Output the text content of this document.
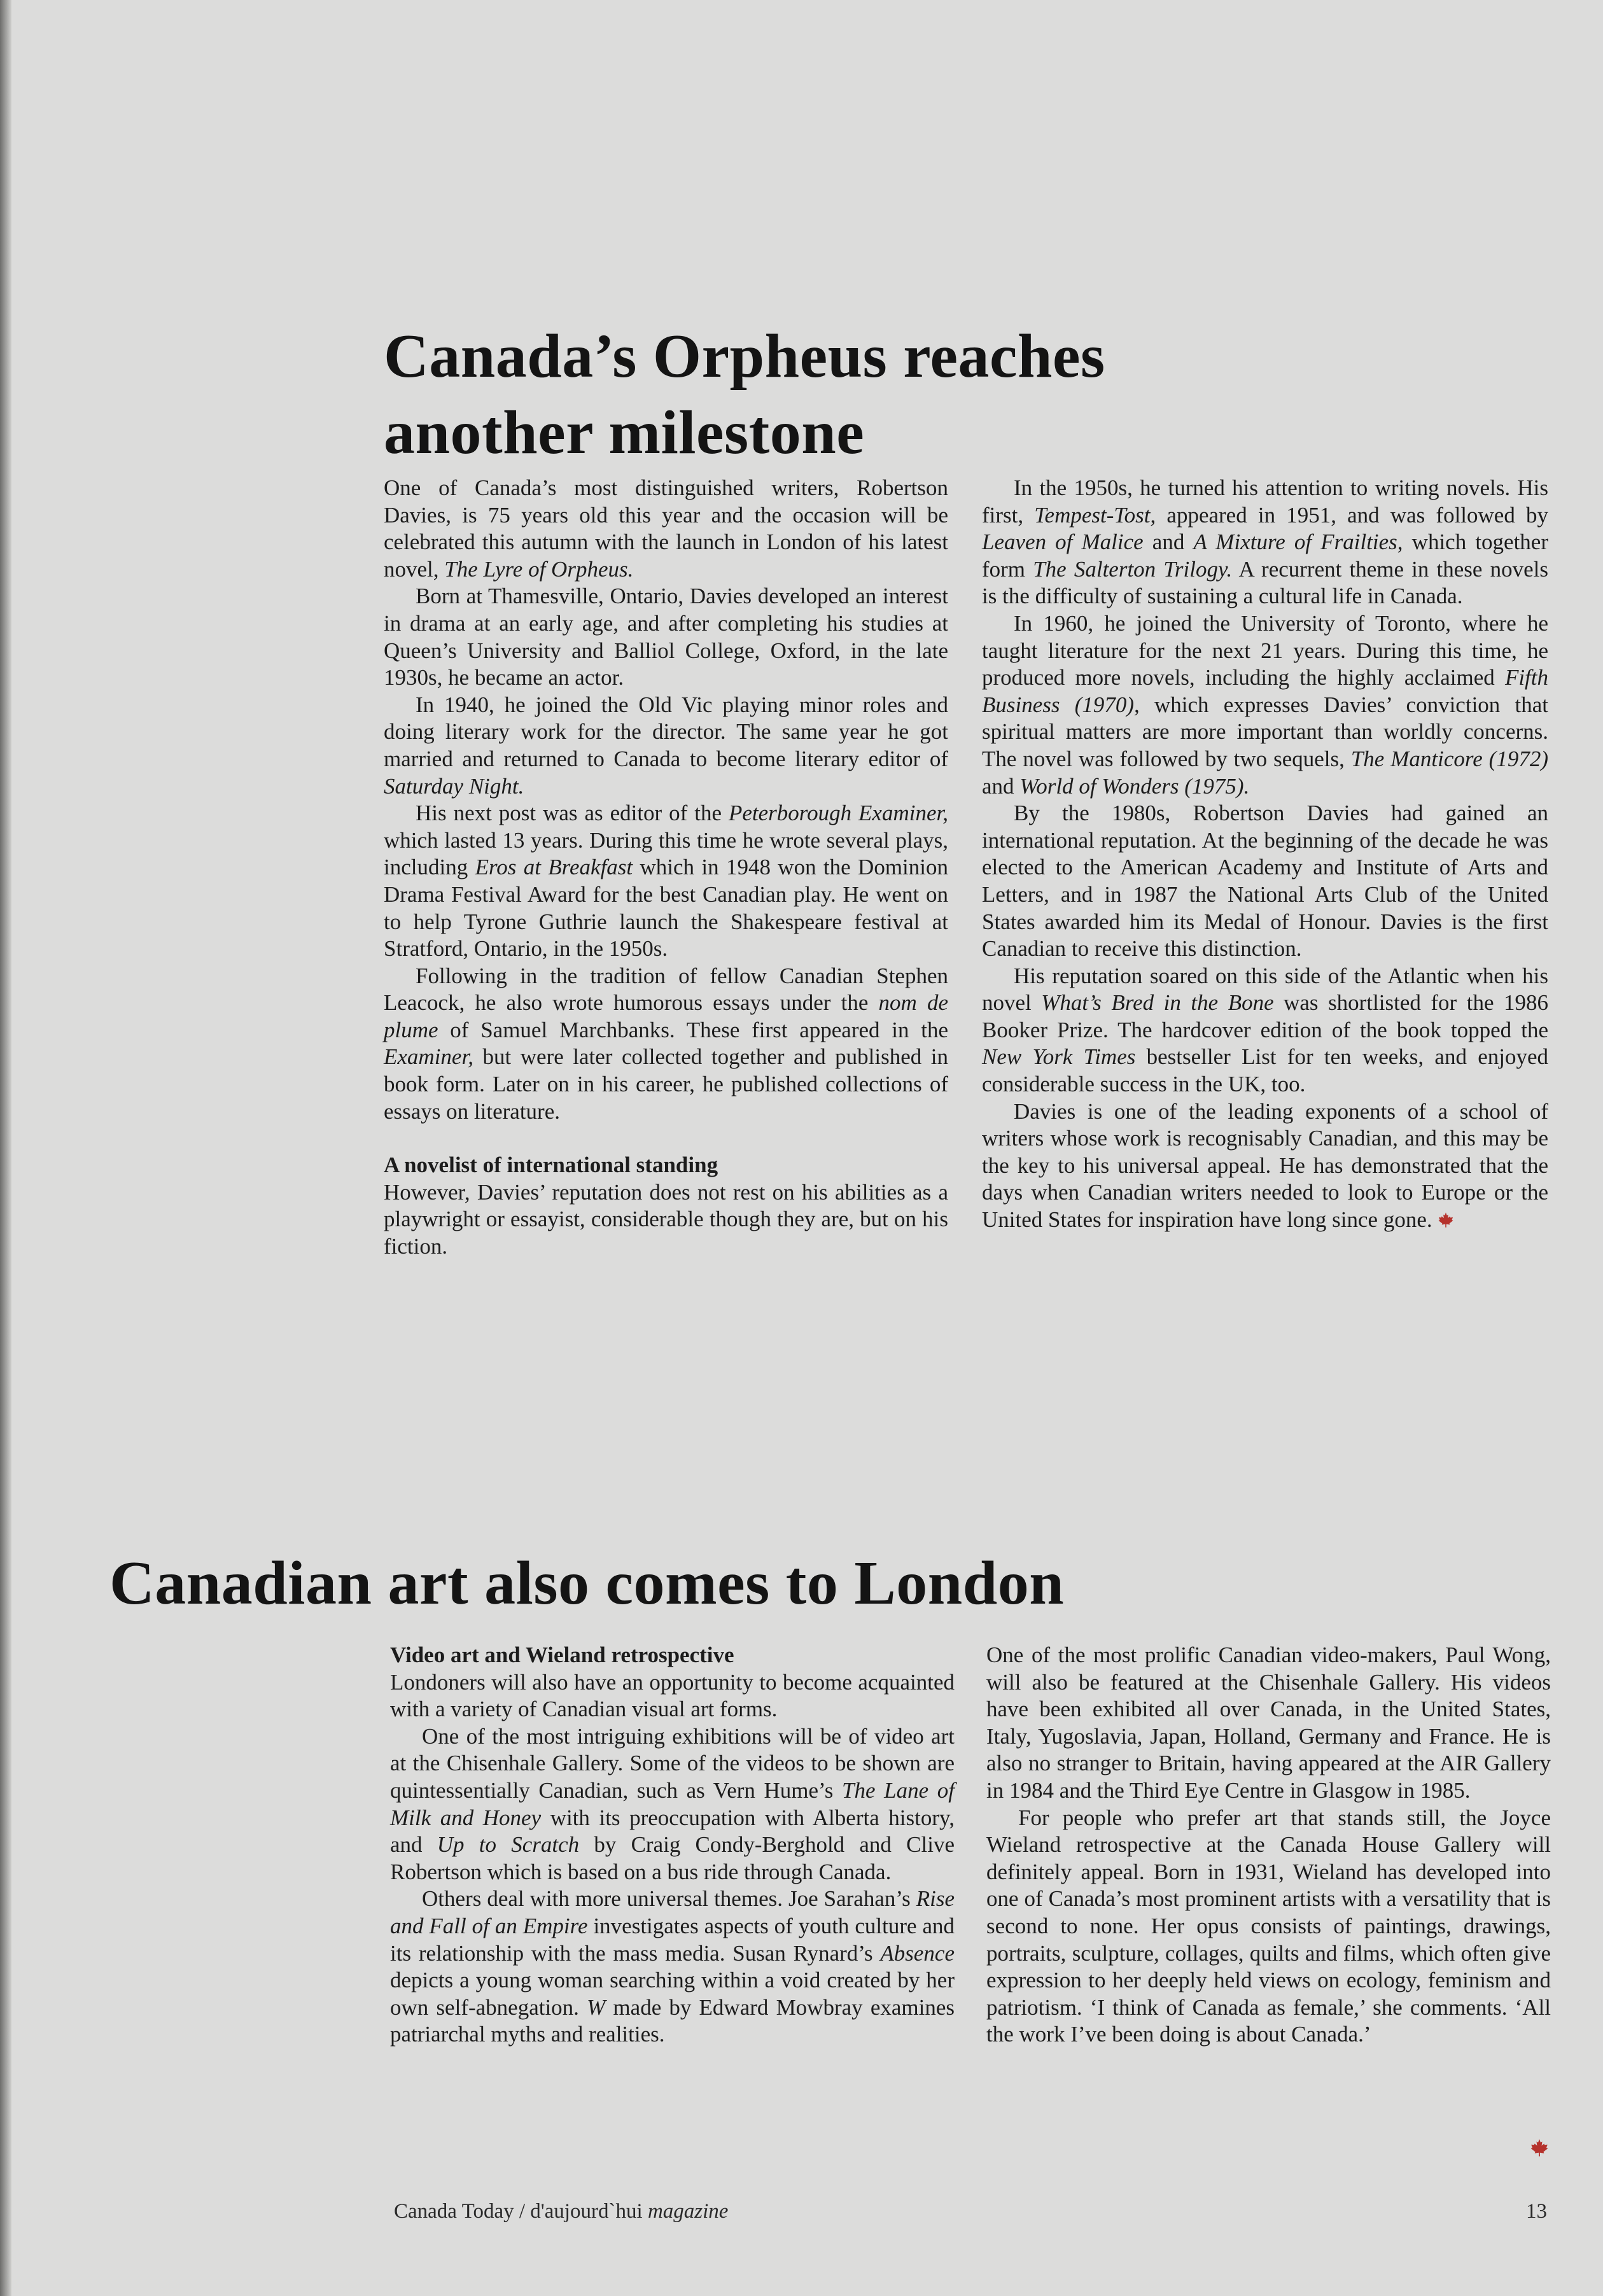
Canada’s Orpheus reaches
another milestone

One of Canada’s most distinguished writers, Robertson Davies, is 75 years old this year and the occasion will be celebrated this autumn with the launch in London of his latest novel, The Lyre of Orpheus.

Born at Thamesville, Ontario, Davies developed an interest in drama at an early age, and after completing his studies at Queen’s University and Balliol College, Oxford, in the late 1930s, he became an actor.

In 1940, he joined the Old Vic playing minor roles and doing literary work for the director. The same year he got married and returned to Canada to become literary editor of Saturday Night.

His next post was as editor of the Peterborough Examiner, which lasted 13 years. During this time he wrote several plays, including Eros at Breakfast which in 1948 won the Dominion Drama Festival Award for the best Canadian play. He went on to help Tyrone Guthrie launch the Shakespeare festival at Stratford, Ontario, in the 1950s.

Following in the tradition of fellow Canadian Stephen Leacock, he also wrote humorous essays under the nom de plume of Samuel Marchbanks. These first appeared in the Examiner, but were later collected together and published in book form. Later on in his career, he published collections of essays on literature.

A novelist of international standing

However, Davies’ reputation does not rest on his abilities as a playwright or essayist, considerable though they are, but on his fiction.

In the 1950s, he turned his attention to writing novels. His first, Tempest-Tost, appeared in 1951, and was followed by Leaven of Malice and A Mixture of Frailties, which together form The Salterton Trilogy. A recurrent theme in these novels is the difficulty of sustaining a cultural life in Canada.

In 1960, he joined the University of Toronto, where he taught literature for the next 21 years. During this time, he produced more novels, including the highly acclaimed Fifth Business (1970), which expresses Davies’ conviction that spiritual matters are more important than worldly concerns. The novel was followed by two sequels, The Manticore (1972) and World of Wonders (1975).

By the 1980s, Robertson Davies had gained an international reputation. At the beginning of the decade he was elected to the American Academy and Institute of Arts and Letters, and in 1987 the National Arts Club of the United States awarded him its Medal of Honour. Davies is the first Canadian to receive this distinction.

His reputation soared on this side of the Atlantic when his novel What’s Bred in the Bone was shortlisted for the 1986 Booker Prize. The hardcover edition of the book topped the New York Times bestseller List for ten weeks, and enjoyed considerable success in the UK, too.

Davies is one of the leading exponents of a school of writers whose work is recognisably Canadian, and this may be the key to his universal appeal. He has demonstrated that the days when Canadian writers needed to look to Europe or the United States for inspiration have long since gone.

Canadian art also comes to London
Video art and Wieland retrospective

Londoners will also have an opportunity to become acquainted with a variety of Canadian visual art forms.

One of the most intriguing exhibitions will be of video art at the Chisenhale Gallery. Some of the videos to be shown are quintessentially Canadian, such as Vern Hume’s The Lane of Milk and Honey with its preoccupation with Alberta history, and Up to Scratch by Craig Condy-Berghold and Clive Robertson which is based on a bus ride through Canada.

Others deal with more universal themes. Joe Sarahan’s Rise and Fall of an Empire investigates aspects of youth culture and its relationship with the mass media. Susan Rynard’s Absence depicts a young woman searching within a void created by her own self-abnegation. W made by Edward Mowbray examines patriarchal myths and realities.

One of the most prolific Canadian video-makers, Paul Wong, will also be featured at the Chisenhale Gallery. His videos have been exhibited all over Canada, in the United States, Italy, Yugoslavia, Japan, Holland, Germany and France. He is also no stranger to Britain, having appeared at the AIR Gallery in 1984 and the Third Eye Centre in Glasgow in 1985.

For people who prefer art that stands still, the Joyce Wieland retrospective at the Canada House Gallery will definitely appeal. Born in 1931, Wieland has developed into one of Canada’s most prominent artists with a versatility that is second to none. Her opus consists of paintings, drawings, portraits, sculpture, collages, quilts and films, which often give expression to her deeply held views on ecology, feminism and patriotism. ‘I think of Canada as female,’ she comments. ‘All the work I’ve been doing is about Canada.’

Canada Today / d'aujourd`hui magazine	13
